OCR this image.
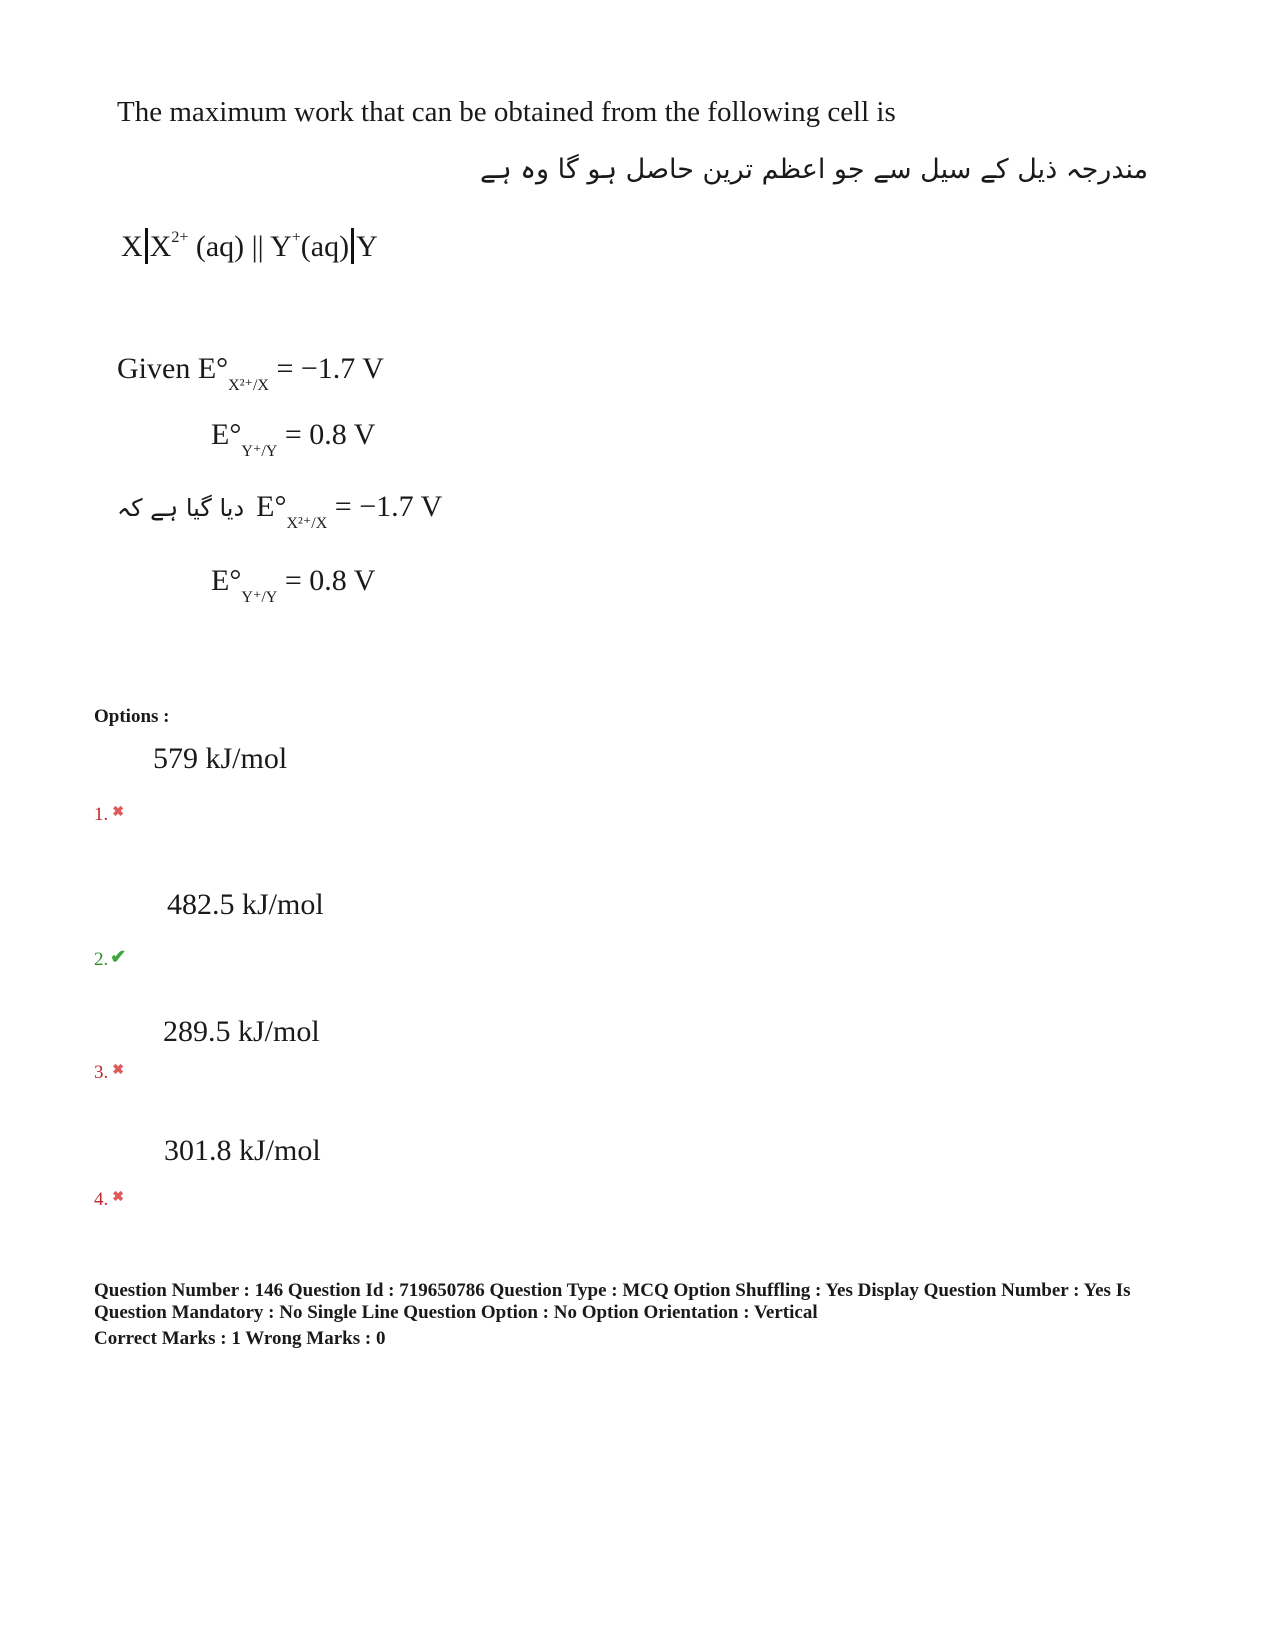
The maximum work that can be obtained from the following cell is
مندرجہ ذیل کے سیل سے جو اعظم ترین حاصل ہو گا وہ ہے
X $X^{2+}$ (aq) || Y+(aq) Y
Given $E^\circ_{X^{2+}/X} = -1.7$ V
$E^\circ_{Y^+/Y} = 0.8$ V
دیا گیا ہے کہ $E^\circ_{X^{2+}/X} = -1.7$ V
$E^\circ_{Y^+/Y} = 0.8$ V
Options :
579 kJ/mol
1. ✖
482.5 kJ/mol
2. ✔
289.5 kJ/mol
3. ✖
301.8 kJ/mol
4. ✖
Question Number : 146 Question Id : 719650786 Question Type : MCQ Option Shuffling : Yes Display Question Number : Yes Is Question Mandatory : No Single Line Question Option : No Option Orientation : Vertical
Correct Marks : 1 Wrong Marks : 0
